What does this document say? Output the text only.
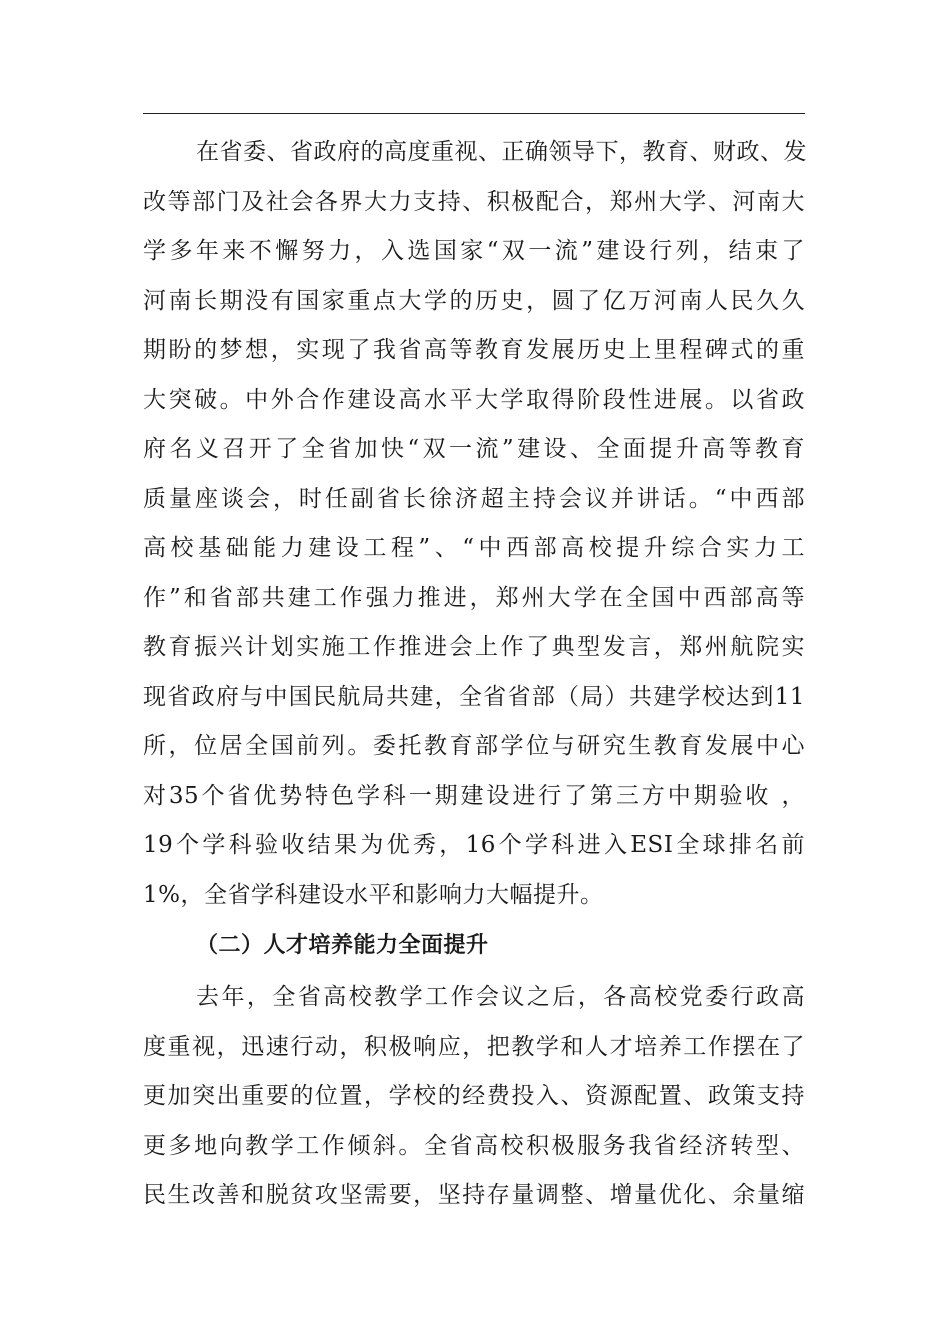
在省委、省政府的高度重视、正确领导下，教育、财政、发
改等部门及社会各界大力支持、积极配合，郑州大学、河南大
学多年来不懈努力，入选国家“双一流”建设行列，结束了
河南长期没有国家重点大学的历史，圆了亿万河南人民久久
期盼的梦想，实现了我省高等教育发展历史上里程碑式的重
大突破。中外合作建设高水平大学取得阶段性进展。以省政
府名义召开了全省加快“双一流”建设、全面提升高等教育
质量座谈会，时任副省长徐济超主持会议并讲话。“中西部
高校基础能力建设工程”、“中西部高校提升综合实力工
作”和省部共建工作强力推进，郑州大学在全国中西部高等
教育振兴计划实施工作推进会上作了典型发言，郑州航院实
现省政府与中国民航局共建，全省省部（局）共建学校达到11
所，位居全国前列。委托教育部学位与研究生教育发展中心
对35个省优势特色学科一期建设进行了第三方中期验收 ，
19个学科验收结果为优秀，16个学科进入ESI全球排名前
1%，全省学科建设水平和影响力大幅提升。
（二）人才培养能力全面提升
去年，全省高校教学工作会议之后，各高校党委行政高
度重视，迅速行动，积极响应，把教学和人才培养工作摆在了
更加突出重要的位置，学校的经费投入、资源配置、政策支持
更多地向教学工作倾斜。全省高校积极服务我省经济转型、
民生改善和脱贫攻坚需要，坚持存量调整、增量优化、余量缩
